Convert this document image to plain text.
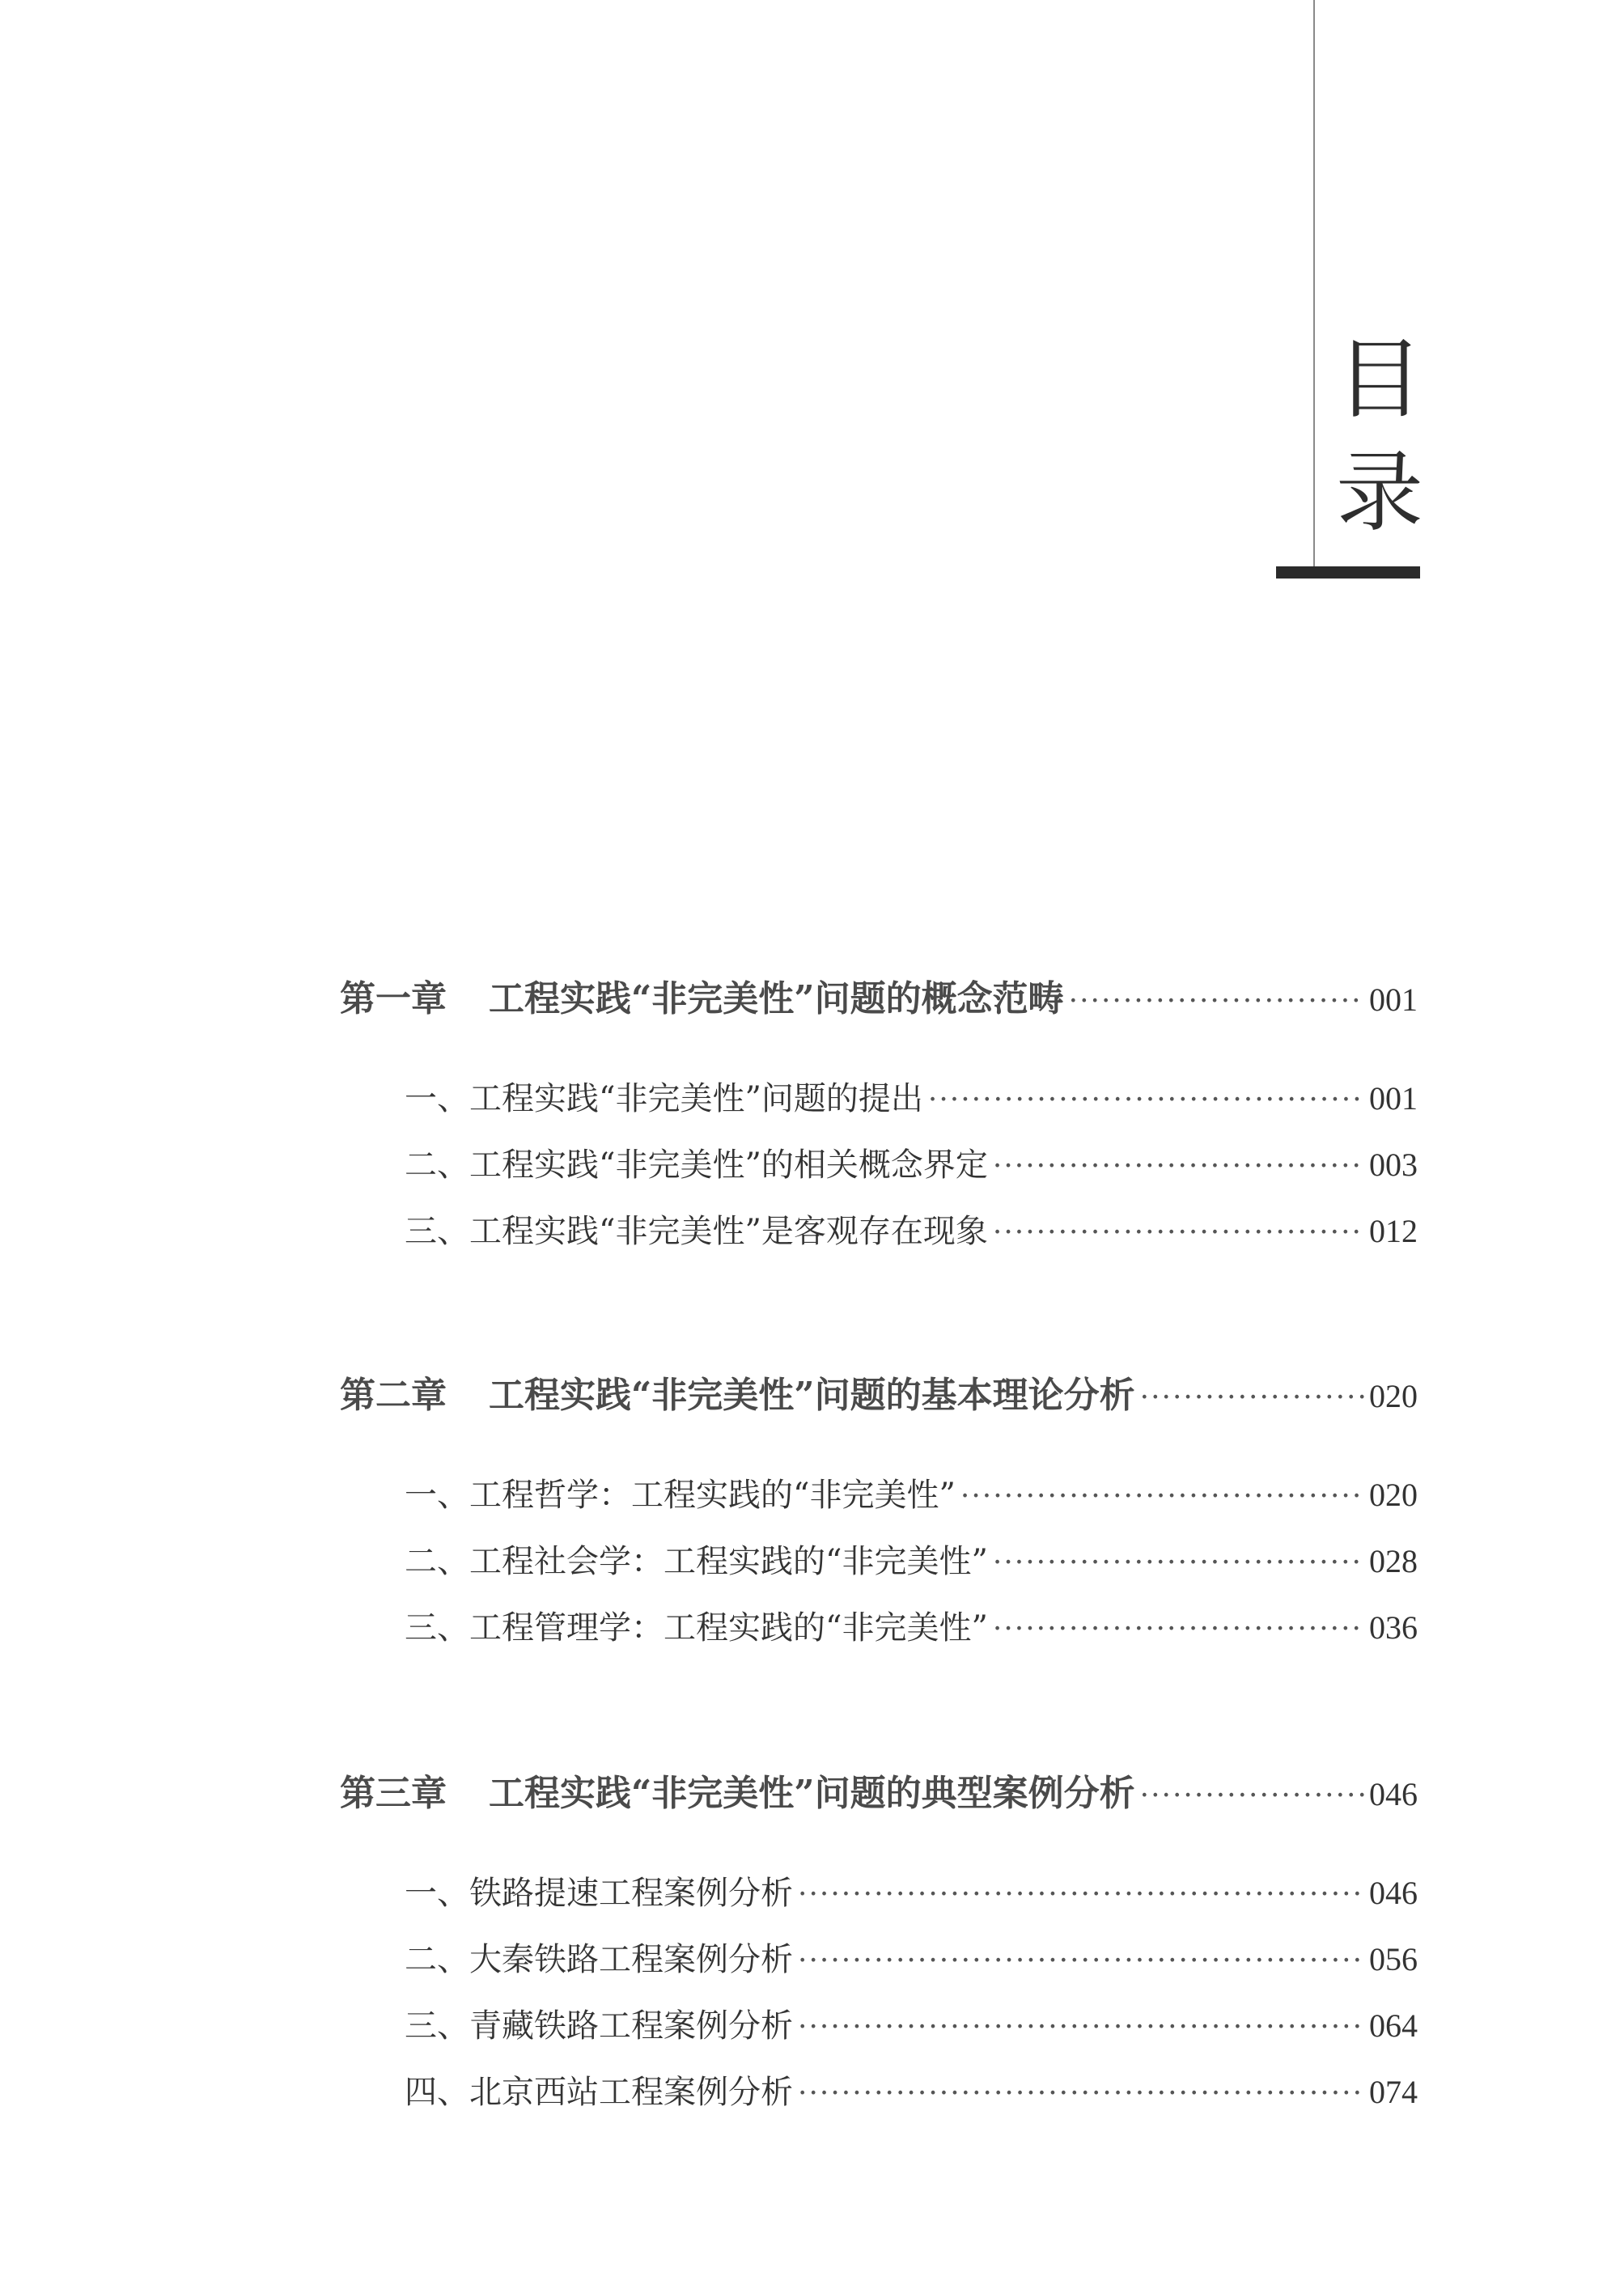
目
录
第一章 工程实践“非完美性”问题的概念范畴 ·····	001
一、工程实践“非完美性”问题的提出 ·····	001
二、工程实践“非完美性”的相关概念界定 ·····	003
三、工程实践“非完美性”是客观存在现象 ·····	012
第二章 工程实践“非完美性”问题的基本理论分析 ·····	020
一、工程哲学：工程实践的“非完美性” ·····	020
二、工程社会学：工程实践的“非完美性” ·····	028
三、工程管理学：工程实践的“非完美性” ·····	036
第三章 工程实践“非完美性”问题的典型案例分析 ·····	046
一、铁路提速工程案例分析 ·····	046
二、大秦铁路工程案例分析 ·····	056
三、青藏铁路工程案例分析 ·····	064
四、北京西站工程案例分析 ·····	074
